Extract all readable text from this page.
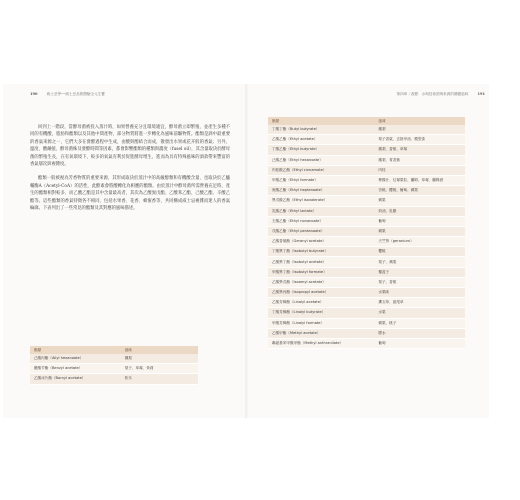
190	威士忌學──威士忌品飲體驗全元生寶

回到上一階段，當酵母菌被投入蒸汁時，如果營養充分且環境適宜，酵母菌立即繁殖，並產生多種不同的有機酸，脂肪和酯類以及其他中間產物，部分物質將進一步轉化為風味前驅物質。酯類是酒中最重要的香氣來源之一，它們大多在發酵過程中生成，由酸與醇結合而成，散發出水果或花卉般的香氣；另外，溫度、酸鹼值、酵母菌株及發酵時間等因素，都會影響酯類的種類與濃度（fusel oil），其含量取決於酵母菌的繁殖生長，在有氧環境下，較多的氧氣有利於促進酵母增生，進而為具有特殊風味的酒款帶來豐富的香氣層次與複雜度。

酯類一般被視為芳香物質的重要來源，其形成取決於蒸汁中的高級醇類和有機酸含量，也取決於乙醯輔酶A（Acetyl-CoA）的活性，此酵素會將酸轉化為相應的酯類。由於蒸汁中酵母菌所需營養充足時，產生的酯類相對較多，而乙酸乙酯是其中含量最高者，其次為乙酸異戊酯、乙酸苯乙酯、己酸乙酯、辛酸乙酯等。這些酯類的香氣特徵各不相同，包括水果香、花香、蜂蜜香等，共同構成威士忌複雜而迷人的香氣輪廓。下表列出了一些常見的酯類及其對應的風味描述。

酯類	風味
己酸丙酯（Allyl hexanoate）	鳳梨
醋酸芐酯（Benzyl acetate）	梨子、草莓、茉莉
乙酸冰片酯（Bornyl acetate）	松木
第四章｜改變：水與技術酒與來源的關鍵風味	191
酯類	風味
丁酸丁酯（Butyl butyrate）	鳳梨
乙酸乙酯（Ethyl acetate）	梨子香氣、去指甲油、模型漆
丁酸乙酯（Ethyl butyrate）	鳳梨、香蕉、草莓
己酸乙酯（Ethyl hexanoate）	鳳梨、青香蕉
肉桂酸乙酯（Ethyl cinnamate）	肉桂
甲酸乙酯（Ethyl formate）	檸檬汁、紅莓果粒、蘭姆、草莓、蘭姆酒
庚酸乙酯（Ethyl heptanoate）	杏桃、櫻桃、葡萄、蘋果
異戊酸乙酯（Ethyl isovalerate）	蘋果
乳酸乙酯（Ethyl lactate）	奶油、乳酪
壬酸乙酯（Ethyl nonanoate）	葡萄
戊酸乙酯（Ethyl pentanoate）	蘋果
乙酸香葉酯（Geranyl acetate）	天竺葵（geranium）
丁酸異丁酯（Isobutyl butyrate）	櫻桃
乙酸異丁酯（Isobutyl acetate）	梨子、蘋果
甲酸異丁酯（Isobutyl formate）	覆盆子
乙酸異戊酯（Isoamyl acetate）	梨子、香蕉
乙酸異丙酯（Isopropyl acetate）	水果味
乙酸芳樟酯（Linalyl acetate）	薰衣草、鼠尾草
丁酸芳樟酯（Linalyl butyrate）	水果
甲酸芳樟酯（Linalyl formate）	蘋果、桃子
乙酸甲酯（Methyl acetate）	膠水
鄰氨基苯甲酸甲酯（Methyl anthranilate）	葡萄
